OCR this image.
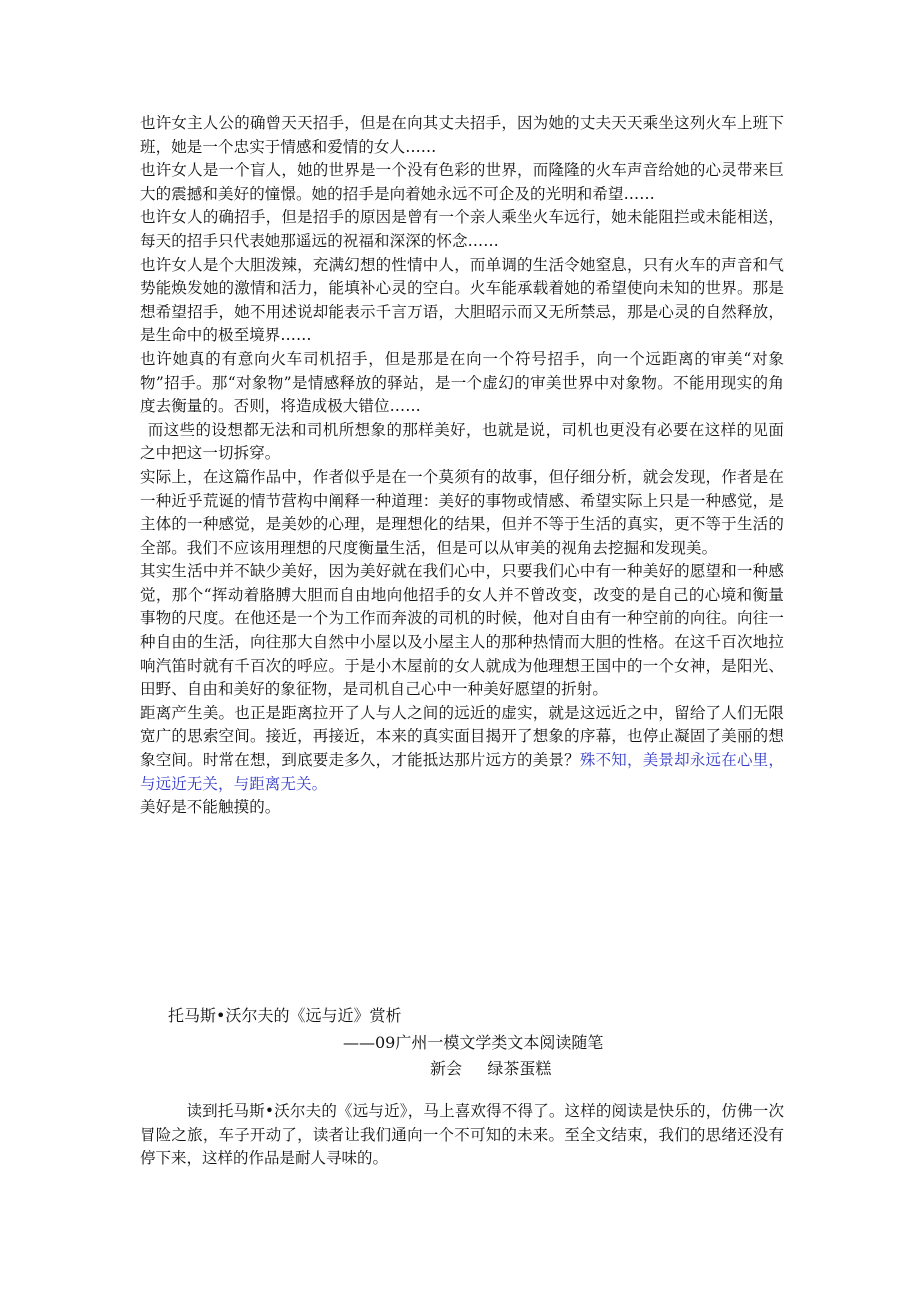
也许女主人公的确曾天天招手，但是在向其丈夫招手，因为她的丈夫天天乘坐这列火车上班下班，她是一个忠实于情感和爱情的女人……

也许女人是一个盲人，她的世界是一个没有色彩的世界，而隆隆的火车声音给她的心灵带来巨大的震撼和美好的憧憬。她的招手是向着她永远不可企及的光明和希望……

也许女人的确招手，但是招手的原因是曾有一个亲人乘坐火车远行，她未能阻拦或未能相送，每天的招手只代表她那遥远的祝福和深深的怀念……

也许女人是个大胆泼辣，充满幻想的性情中人，而单调的生活令她窒息，只有火车的声音和气势能焕发她的激情和活力，能填补心灵的空白。火车能承载着她的希望使向未知的世界。那是想希望招手，她不用述说却能表示千言万语，大胆昭示而又无所禁忌，那是心灵的自然释放，是生命中的极至境界……

也许她真的有意向火车司机招手，但是那是在向一个符号招手，向一个远距离的审美“对象物”招手。那“对象物”是情感释放的驿站，是一个虚幻的审美世界中对象物。不能用现实的角度去衡量的。否则，将造成极大错位……

而这些的设想都无法和司机所想象的那样美好，也就是说，司机也更没有必要在这样的见面之中把这一切拆穿。

实际上，在这篇作品中，作者似乎是在一个莫须有的故事，但仔细分析，就会发现，作者是在一种近乎荒诞的情节营构中阐释一种道理：美好的事物或情感、希望实际上只是一种感觉，是主体的一种感觉，是美妙的心理，是理想化的结果，但并不等于生活的真实，更不等于生活的全部。我们不应该用理想的尺度衡量生活，但是可以从审美的视角去挖掘和发现美。

其实生活中并不缺少美好，因为美好就在我们心中，只要我们心中有一种美好的愿望和一种感觉，那个“挥动着胳膊大胆而自由地向他招手的女人并不曾改变，改变的是自己的心境和衡量事物的尺度。在他还是一个为工作而奔波的司机的时候，他对自由有一种空前的向往。向往一种自由的生活，向往那大自然中小屋以及小屋主人的那种热情而大胆的性格。在这千百次地拉响汽笛时就有千百次的呼应。于是小木屋前的女人就成为他理想王国中的一个女神，是阳光、田野、自由和美好的象征物，是司机自己心中一种美好愿望的折射。

距离产生美。也正是距离拉开了人与人之间的远近的虚实，就是这远近之中，留给了人们无限宽广的思索空间。接近，再接近，本来的真实面目揭开了想象的序幕，也停止凝固了美丽的想象空间。时常在想，到底要走多久，才能抵达那片远方的美景？殊不知，美景却永远在心里，与远近无关，与距离无关。

美好是不能触摸的。

托马斯•沃尔夫的《远与近》赏析
——09广州一模文学类文本阅读随笔
新会     绿茶蛋糕

读到托马斯•沃尔夫的《远与近》，马上喜欢得不得了。这样的阅读是快乐的，仿佛一次冒险之旅，车子开动了，读者让我们通向一个不可知的未来。至全文结束，我们的思绪还没有停下来，这样的作品是耐人寻味的。
